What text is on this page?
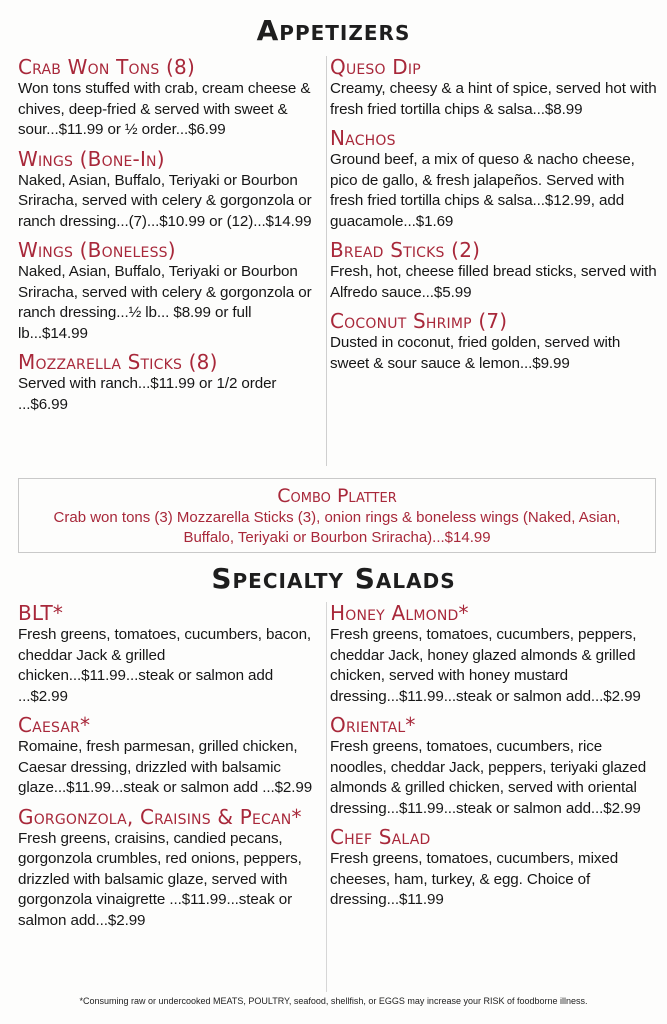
Appetizers
Crab Won Tons (8)
Won tons stuffed with crab, cream cheese & chives, deep-fried & served with sweet & sour...$11.99 or ½ order...$6.99
Wings (Bone-In)
Naked, Asian, Buffalo, Teriyaki or Bourbon Sriracha, served with celery & gorgonzola or ranch dressing...(7)...$10.99 or (12)...$14.99
Wings (Boneless)
Naked, Asian, Buffalo, Teriyaki or Bourbon Sriracha, served with celery & gorgonzola or ranch dressing...½ lb... $8.99 or full lb...$14.99
Mozzarella Sticks (8)
Served with ranch...$11.99 or 1/2 order ...$6.99
Queso Dip
Creamy, cheesy & a hint of spice, served hot with fresh fried tortilla chips & salsa...$8.99
Nachos
Ground beef, a mix of queso & nacho cheese, pico de gallo, & fresh jalapeños. Served with fresh fried tortilla chips & salsa...$12.99, add guacamole...$1.69
Bread Sticks (2)
Fresh, hot, cheese filled bread sticks, served with Alfredo sauce...$5.99
Coconut Shrimp (7)
Dusted in coconut, fried golden, served with sweet & sour sauce & lemon...$9.99
Combo Platter
Crab won tons (3) Mozzarella Sticks (3), onion rings & boneless wings (Naked, Asian, Buffalo, Teriyaki or Bourbon Sriracha)...$14.99
Specialty Salads
BLT*
Fresh greens, tomatoes, cucumbers, bacon, cheddar Jack & grilled chicken...$11.99...steak or salmon add ...$2.99
Caesar*
Romaine, fresh parmesan, grilled chicken, Caesar dressing, drizzled with balsamic glaze...$11.99...steak or salmon add ...$2.99
Gorgonzola, Craisins & Pecan*
Fresh greens, craisins, candied pecans, gorgonzola crumbles, red onions, peppers, drizzled with balsamic glaze, served with gorgonzola vinaigrette ...$11.99...steak or salmon add...$2.99
Honey Almond*
Fresh greens, tomatoes, cucumbers, peppers, cheddar Jack, honey glazed almonds & grilled chicken, served with honey mustard dressing...$11.99...steak or salmon add...$2.99
Oriental*
Fresh greens, tomatoes, cucumbers, rice noodles, cheddar Jack, peppers, teriyaki glazed almonds & grilled chicken, served with oriental dressing...$11.99...steak or salmon add...$2.99
Chef Salad
Fresh greens, tomatoes, cucumbers, mixed cheeses, ham, turkey, & egg. Choice of dressing...$11.99
*Consuming raw or undercooked MEATS, POULTRY, seafood, shellfish, or EGGS may increase your RISK of foodborne illness.
